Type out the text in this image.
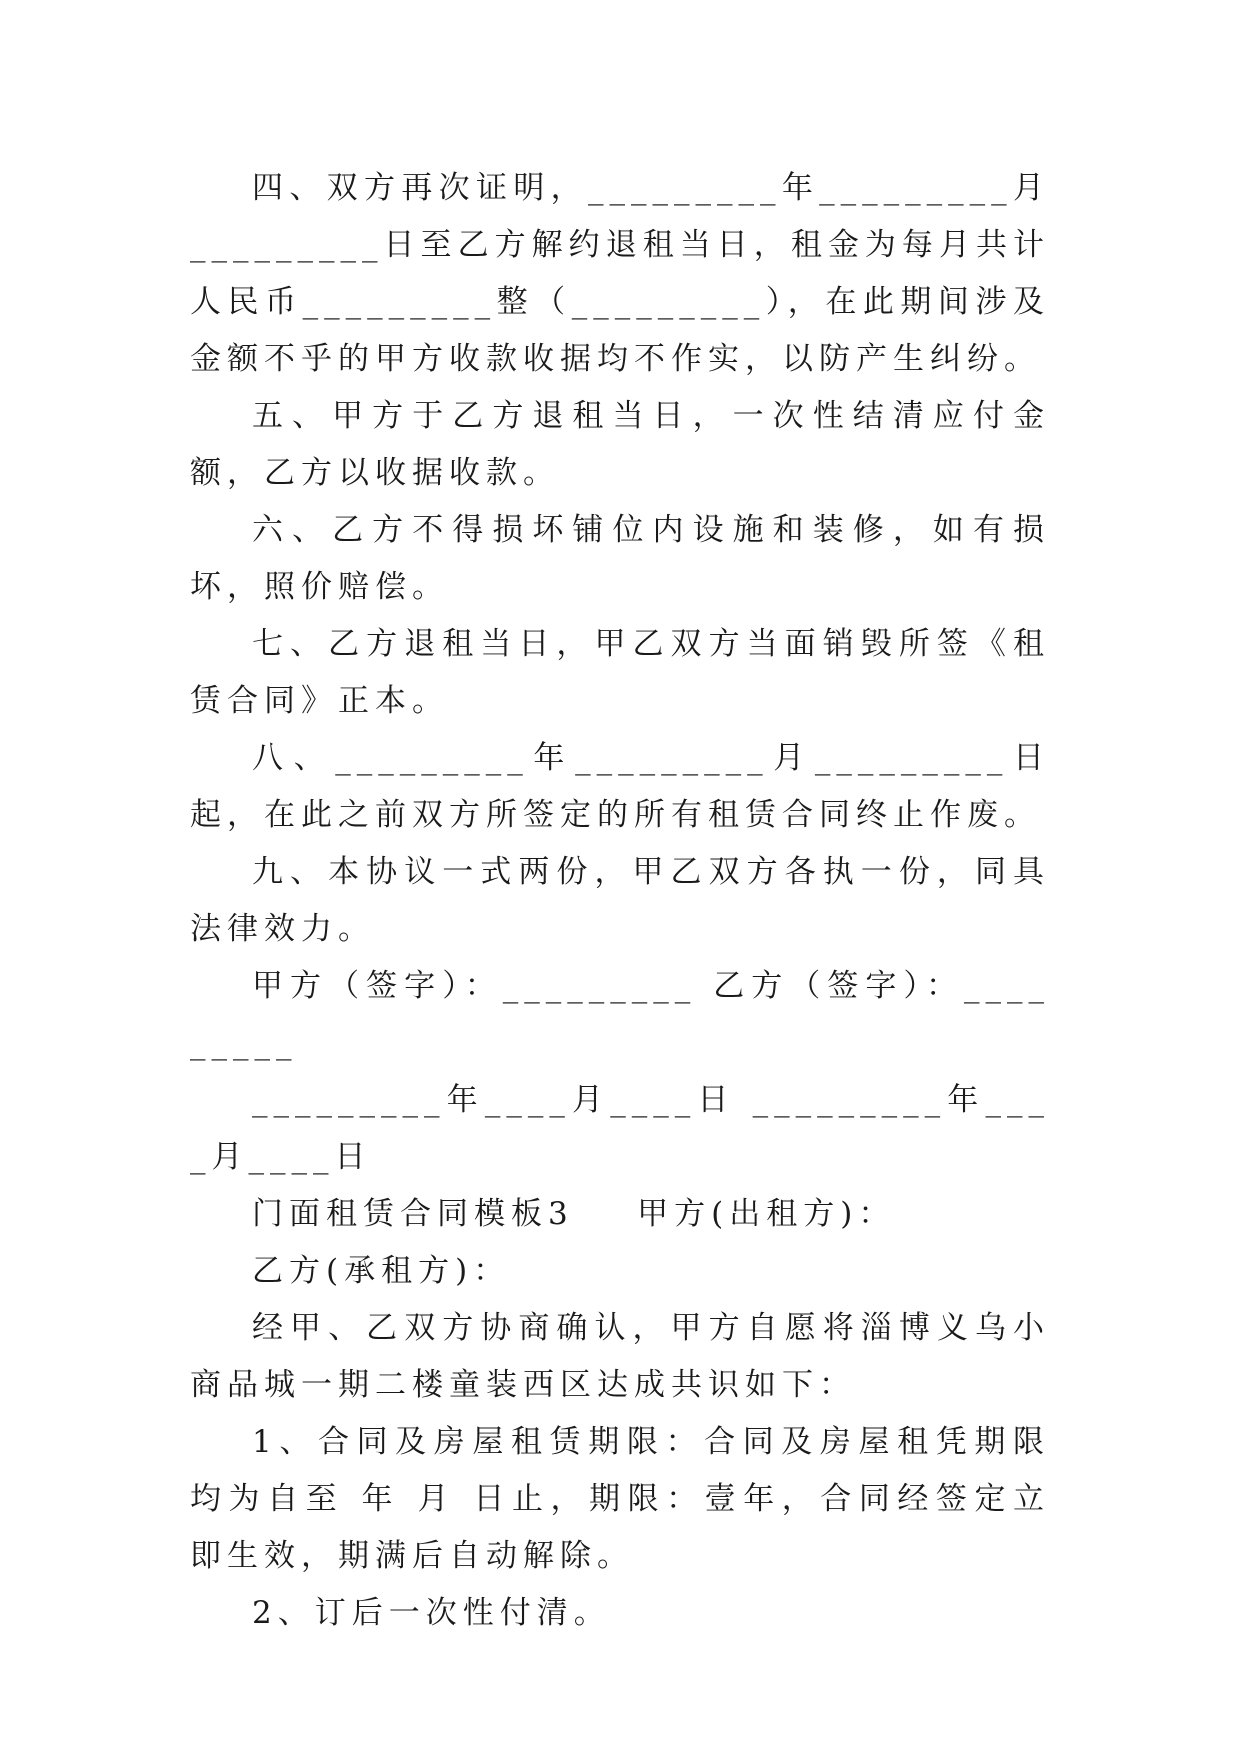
四、双方再次证明，_________年_________月_________日至乙方解约退租当日，租金为每月共计人民币_________整（_________），在此期间涉及金额不乎的甲方收款收据均不作实，以防产生纠纷。

五、甲方于乙方退租当日，一次性结清应付金额，乙方以收据收款。

六、乙方不得损坏铺位内设施和装修，如有损坏，照价赔偿。

七、乙方退租当日，甲乙双方当面销毁所签《租赁合同》正本。

八、_________年_________月_________日起，在此之前双方所签定的所有租赁合同终止作废。

九、本协议一式两份，甲乙双方各执一份，同具法律效力。

甲方（签字）：_________ 乙方（签字）：_________

_________年____月____日 _________年____月____日

门面租赁合同模板3    甲方(出租方)：

乙方(承租方)：

经甲、乙双方协商确认，甲方自愿将淄博义乌小商品城一期二楼童装西区达成共识如下：

1、合同及房屋租赁期限：合同及房屋租凭期限均为自至 年 月 日止，期限：壹年，合同经签定立即生效，期满后自动解除。

2、订后一次性付清。
